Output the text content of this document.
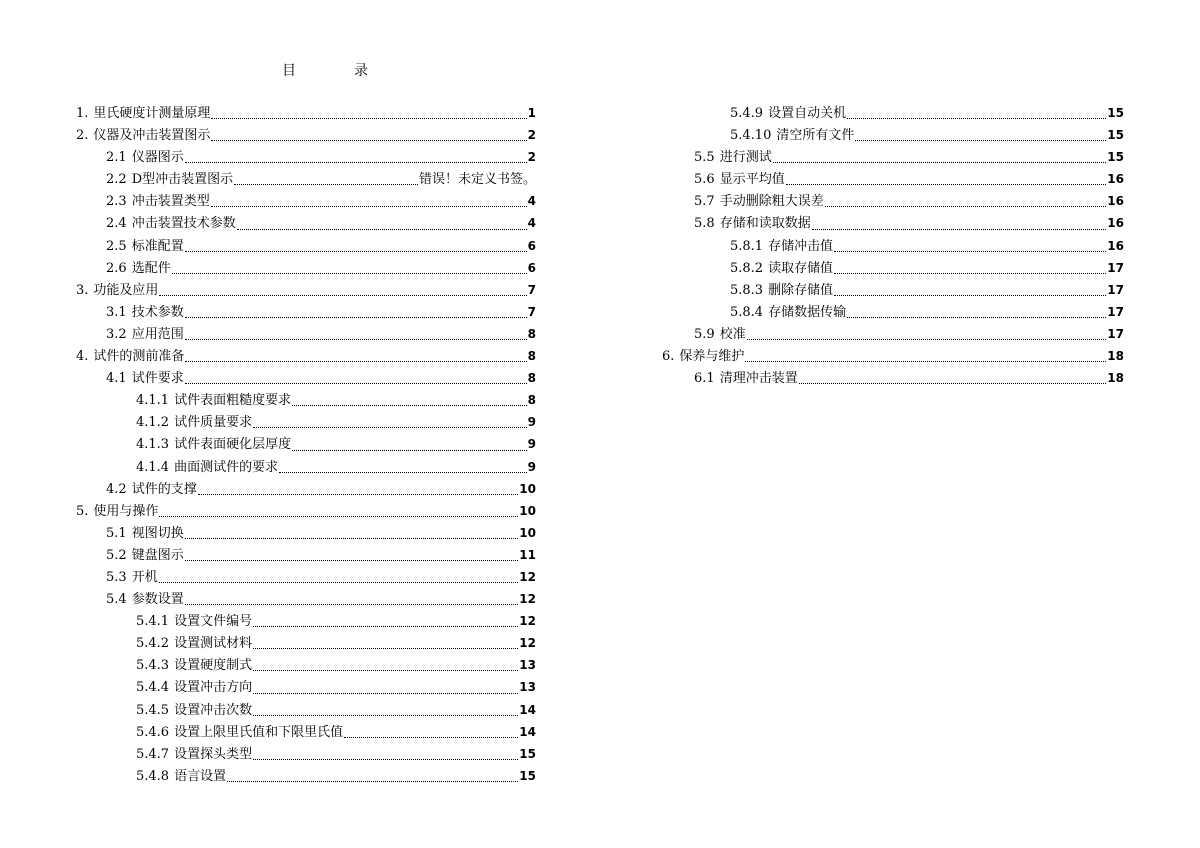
目　录
1. 里氏硬度计测量原理	1
2. 仪器及冲击装置图示	2
2.1 仪器图示	2
2.2 D型冲击装置图示	错误！未定义书签。
2.3 冲击装置类型	4
2.4 冲击装置技术参数	4
2.5 标准配置	6
2.6 选配件	6
3. 功能及应用	7
3.1 技术参数	7
3.2 应用范围	8
4. 试件的测前准备	8
4.1 试件要求	8
4.1.1 试件表面粗糙度要求	8
4.1.2 试件质量要求	9
4.1.3 试件表面硬化层厚度	9
4.1.4 曲面测试件的要求	9
4.2 试件的支撑	10
5. 使用与操作	10
5.1 视图切换	10
5.2 键盘图示	11
5.3 开机	12
5.4 参数设置	12
5.4.1 设置文件编号	12
5.4.2 设置测试材料	12
5.4.3 设置硬度制式	13
5.4.4 设置冲击方向	13
5.4.5 设置冲击次数	14
5.4.6 设置上限里氏值和下限里氏值	14
5.4.7 设置探头类型	15
5.4.8 语言设置	15
5.4.9 设置自动关机	15
5.4.10 清空所有文件	15
5.5 进行测试	15
5.6 显示平均值	16
5.7 手动删除粗大误差	16
5.8 存储和读取数据	16
5.8.1 存储冲击值	16
5.8.2 读取存储值	17
5.8.3 删除存储值	17
5.8.4 存储数据传输	17
5.9 校准	17
6. 保养与维护	18
6.1 清理冲击装置	18
